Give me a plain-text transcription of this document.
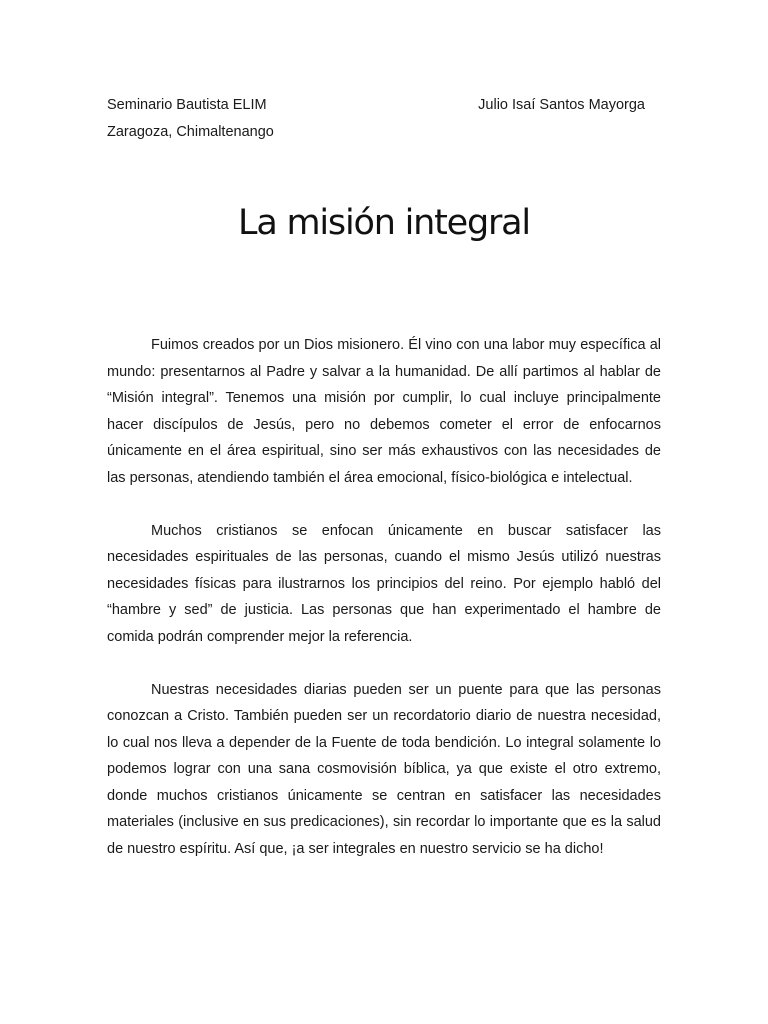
Seminario Bautista ELIM	Julio Isaí Santos Mayorga
Zaragoza, Chimaltenango
La misión integral

Fuimos creados por un Dios misionero. Él vino con una labor muy específica al mundo: presentarnos al Padre y salvar a la humanidad. De allí partimos al hablar de “Misión integral”. Tenemos una misión por cumplir, lo cual incluye principalmente hacer discípulos de Jesús, pero no debemos cometer el error de enfocarnos únicamente en el área espiritual, sino ser más exhaustivos con las necesidades de las personas, atendiendo también el área emocional, físico-biológica e intelectual.

Muchos cristianos se enfocan únicamente en buscar satisfacer las necesidades espirituales de las personas, cuando el mismo Jesús utilizó nuestras necesidades físicas para ilustrarnos los principios del reino. Por ejemplo habló del “hambre y sed” de justicia. Las personas que han experimentado el hambre de comida podrán comprender mejor la referencia.

Nuestras necesidades diarias pueden ser un puente para que las personas conozcan a Cristo. También pueden ser un recordatorio diario de nuestra necesidad, lo cual nos lleva a depender de la Fuente de toda bendición. Lo integral solamente lo podemos lograr con una sana cosmovisión bíblica, ya que existe el otro extremo, donde muchos cristianos únicamente se centran en satisfacer las necesidades materiales (inclusive en sus predicaciones), sin recordar lo importante que es la salud de nuestro espíritu. Así que, ¡a ser integrales en nuestro servicio se ha dicho!
